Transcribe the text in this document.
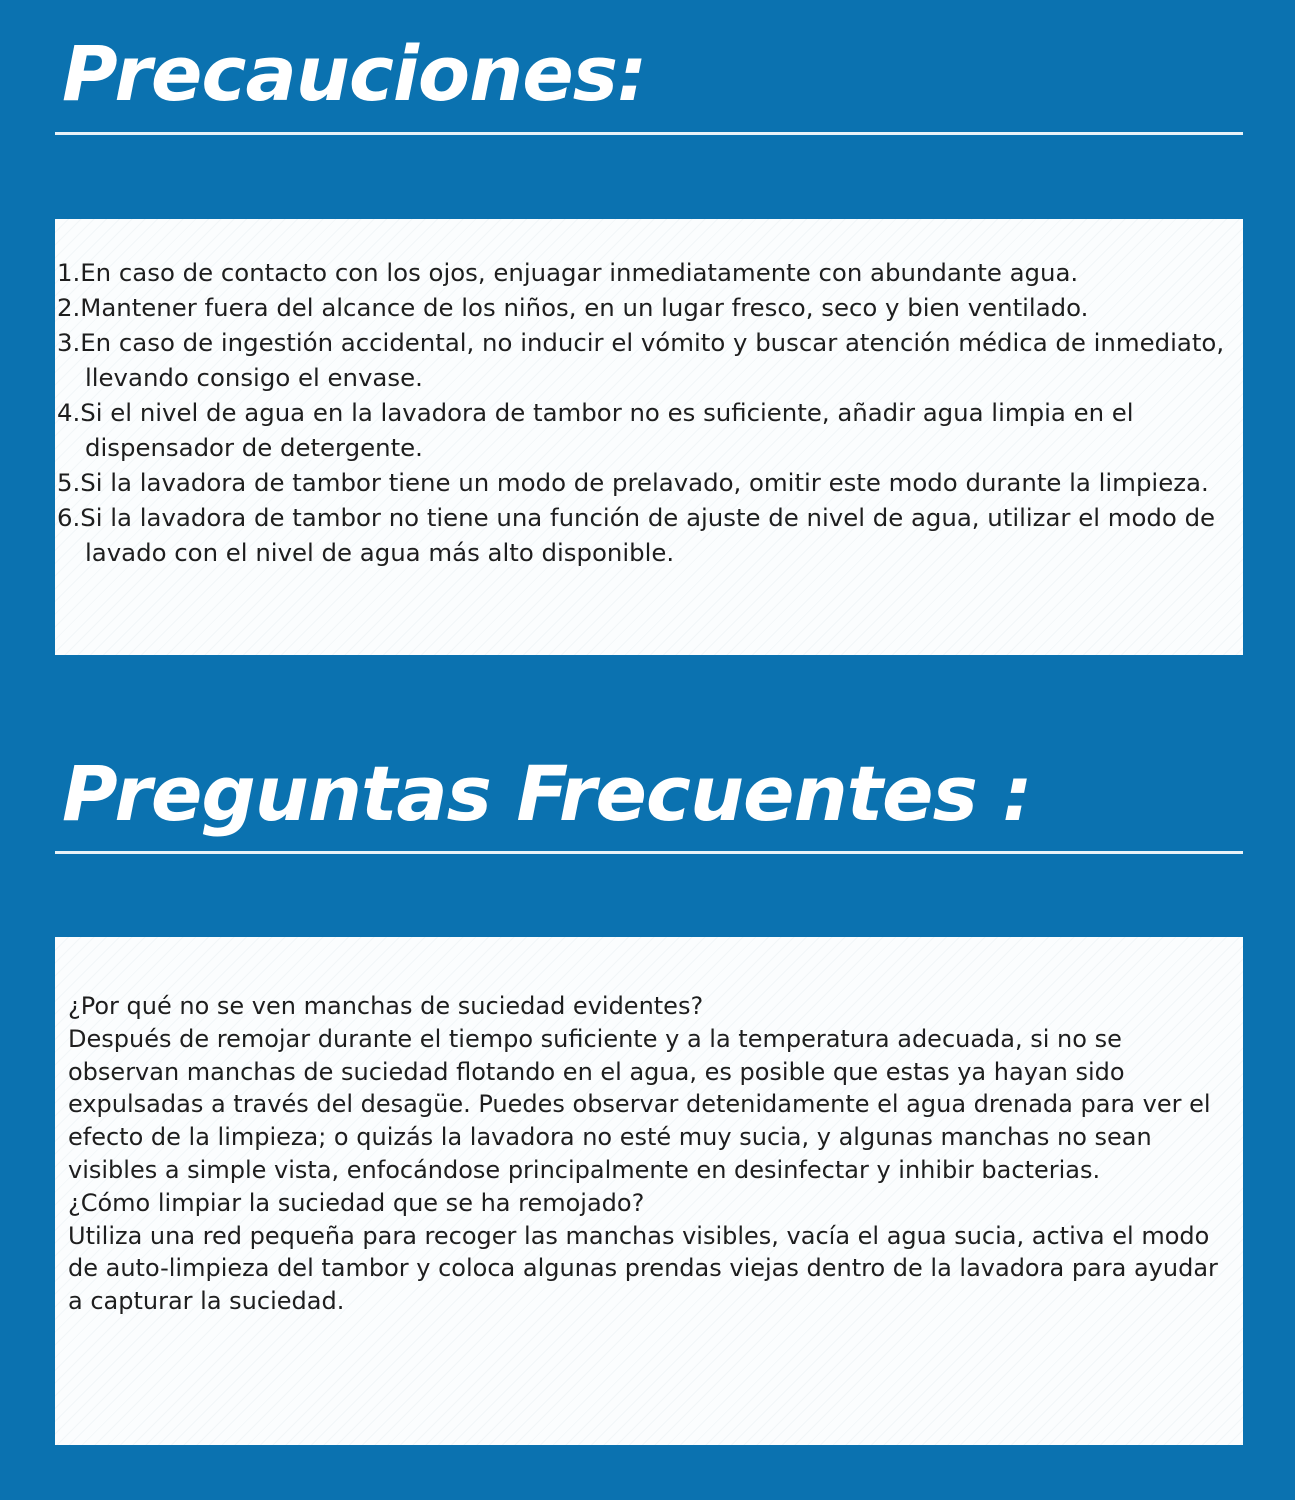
Precauciones:
1.En caso de contacto con los ojos, enjuagar inmediatamente con abundante agua.
2.Mantener fuera del alcance de los niños, en un lugar fresco, seco y bien ventilado.
3.En caso de ingestión accidental, no inducir el vómito y buscar atención médica de inmediato, llevando consigo el envase.
4.Si el nivel de agua en la lavadora de tambor no es suficiente, añadir agua limpia en el dispensador de detergente.
5.Si la lavadora de tambor tiene un modo de prelavado, omitir este modo durante la limpieza.
6.Si la lavadora de tambor no tiene una función de ajuste de nivel de agua, utilizar el modo de lavado con el nivel de agua más alto disponible.
Preguntas Frecuentes :
¿Por qué no se ven manchas de suciedad evidentes?
Después de remojar durante el tiempo suficiente y a la temperatura adecuada, si no se observan manchas de suciedad flotando en el agua, es posible que estas ya hayan sido expulsadas a través del desagüe. Puedes observar detenidamente el agua drenada para ver el efecto de la limpieza; o quizás la lavadora no esté muy sucia, y algunas manchas no sean visibles a simple vista, enfocándose principalmente en desinfectar y inhibir bacterias.
¿Cómo limpiar la suciedad que se ha remojado?
Utiliza una red pequeña para recoger las manchas visibles, vacía el agua sucia, activa el modo de auto-limpieza del tambor y coloca algunas prendas viejas dentro de la lavadora para ayudar a capturar la suciedad.
